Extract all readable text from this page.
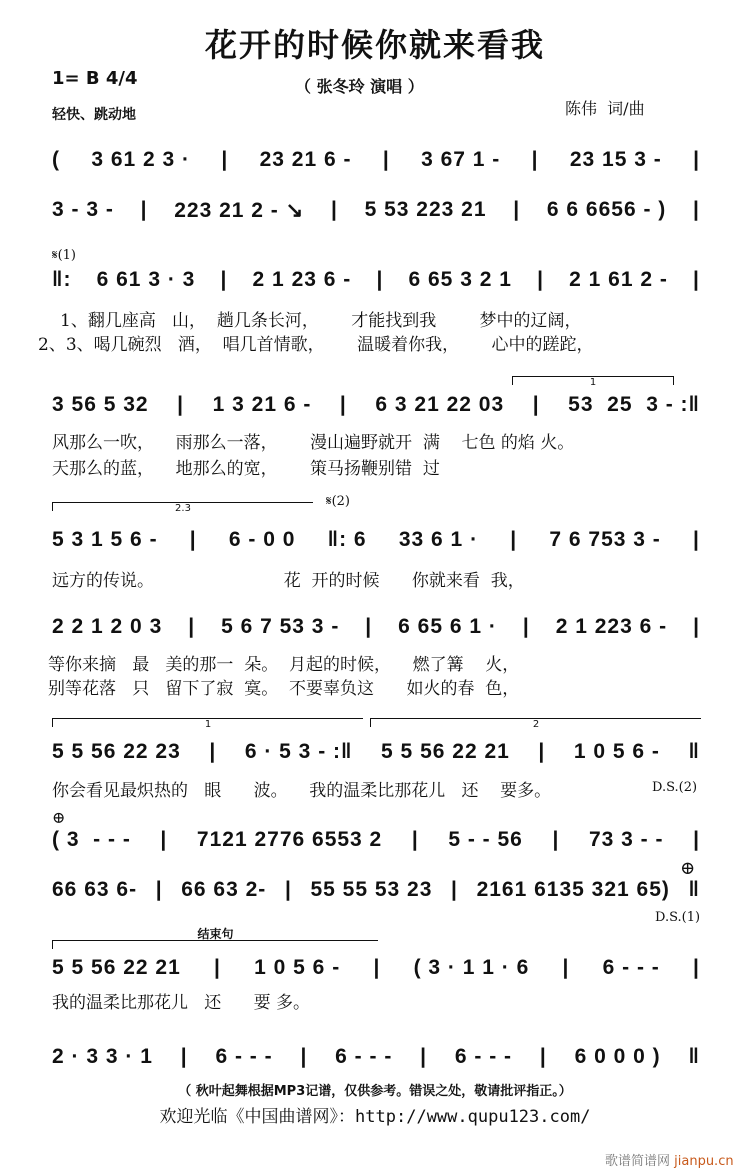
花开的时候你就来看我
1= B 4/4
轻快、跳动地
（ 张冬玲 演唱 ）
陈伟  词/曲
( 3 61 2 3 · | 23 21 6 - | 3 67 1 - | 23 15 3 - |
3 - 3 - | 223 21 2 - ↘ | 5 53 223 21 | 6 6 6656 - ) |
‖: 6 61 3 · 3 | 2 1 23 6 - | 6 65 3 2 1 | 2 1 61 2 - |
3 56 5 32 | 1 3 21 6 - | 6 3 21 22 03 | 53  25  3 - :‖
5 3 1 5 6 - | 6 - 0 0 ‖: 6 33 6 1 · | 7 6 753 3 - |
2 2 1 2 0 3 | 5 6 7 53 3 - | 6 65 6 1 · | 2 1 223 6 - |
5 5 56 22 23 | 6 · 5 3 - :‖ 5 5 56 22 21 | 1 0 5 6 - ‖
( 3  - - - | 7121 2776 6553 2 | 5 - - 56 | 73 3 - - |
66 63 6- | 66 63 2- | 55 55 53 23 | 2161 6135 321 65) ‖
5 5 56 22 21 | 1 0 5 6 - | ( 3 · 1 1 · 6 | 6 - - - |
2 · 3 3 · 1 | 6 - - - | 6 - - - | 6 - - - | 6 0 0 0 ) ‖
𝄋(1)
1、翻几座高   山，  趟几条长河，      才能找到我        梦中的辽阔，
2、3、喝几碗烈   酒，  唱几首情歌，      温暖着你我，      心中的蹉跎，
1
风那么一吹，    雨那么一落，      漫山遍野就开  满    七色 的焰 火。
天那么的蓝，    地那么的宽，      策马扬鞭别错  过
2.3	𝄋(2)
远方的传说。                        花  开的时候      你就来看  我，
等你来摘   最   美的那一  朵。  月起的时候，    燃了篝    火，
别等花落   只   留下了寂  寞。  不要辜负这      如火的春  色，
1	2
你会看见最炽热的   眼      波。    我的温柔比那花儿   还    要多。	D.S.(2)
⊕
⊕
D.S.(1)
结束句
我的温柔比那花儿   还      要 多。
（ 秋叶起舞根据MP3记谱，仅供参考。错误之处，敬请批评指正。）
欢迎光临《中国曲谱网》：http://www.qupu123.com/
歌谱简谱网 jianpu.cn
